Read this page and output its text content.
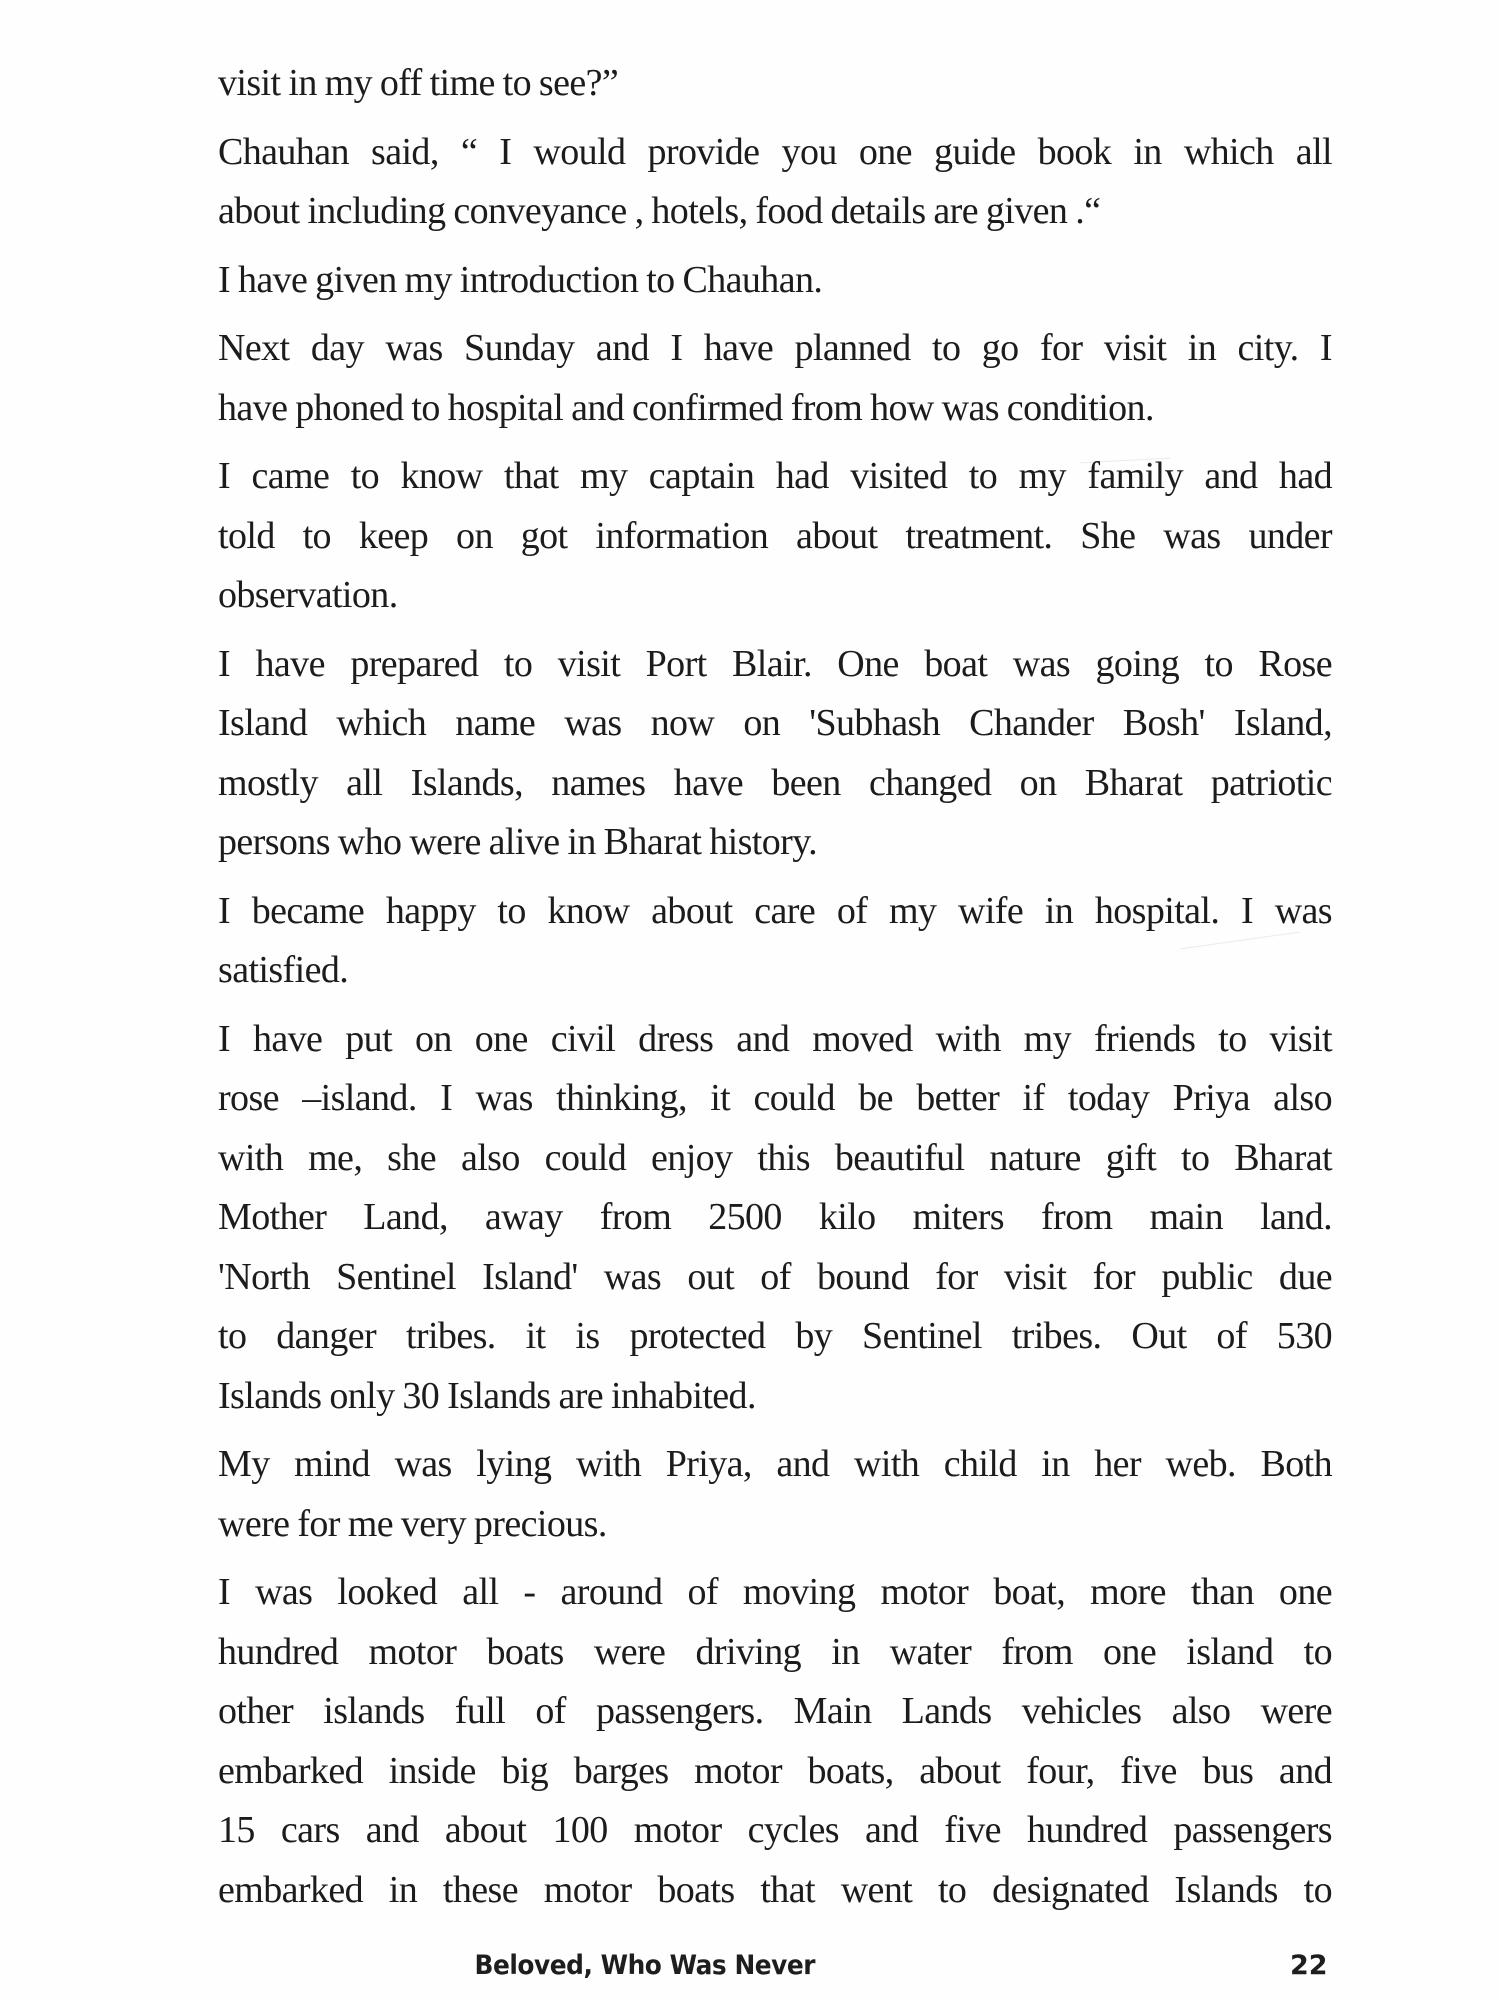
visit in my off time to see?”

Chauhan said, “ I would provide you one guide book in which all
about including conveyance , hotels, food details are given .“

I have given my introduction to Chauhan.

Next day was Sunday and I have planned to go for visit in city. I
have phoned to hospital and confirmed from how was condition.

I came to know that my captain had visited to my family and had
told to keep on got information about treatment. She was under
observation.

I have prepared to visit Port Blair. One boat was going to Rose
Island which name was now on 'Subhash Chander Bosh' Island,
mostly all Islands, names have been changed on Bharat patriotic
persons who were alive in Bharat history.

I became happy to know about care of my wife in hospital. I was
satisfied.

I have put on one civil dress and moved with my friends to visit
rose –island. I was thinking, it could be better if today Priya also
with me, she also could enjoy this beautiful nature gift to Bharat
Mother Land, away from 2500 kilo miters from main land.
'North Sentinel Island' was out of bound for visit for public due
to danger tribes. it is protected by Sentinel tribes. Out of 530
Islands only 30 Islands are inhabited.

My mind was lying with Priya, and with child in her web. Both
were for me very precious.

I was looked all - around of moving motor boat, more than one
hundred motor boats were driving in water from one island to
other islands full of passengers. Main Lands vehicles also were
embarked inside big barges motor boats, about four, five bus and
15 cars and about 100 motor cycles and five hundred passengers
embarked in these motor boats that went to designated Islands to

Beloved, Who Was Never	22
